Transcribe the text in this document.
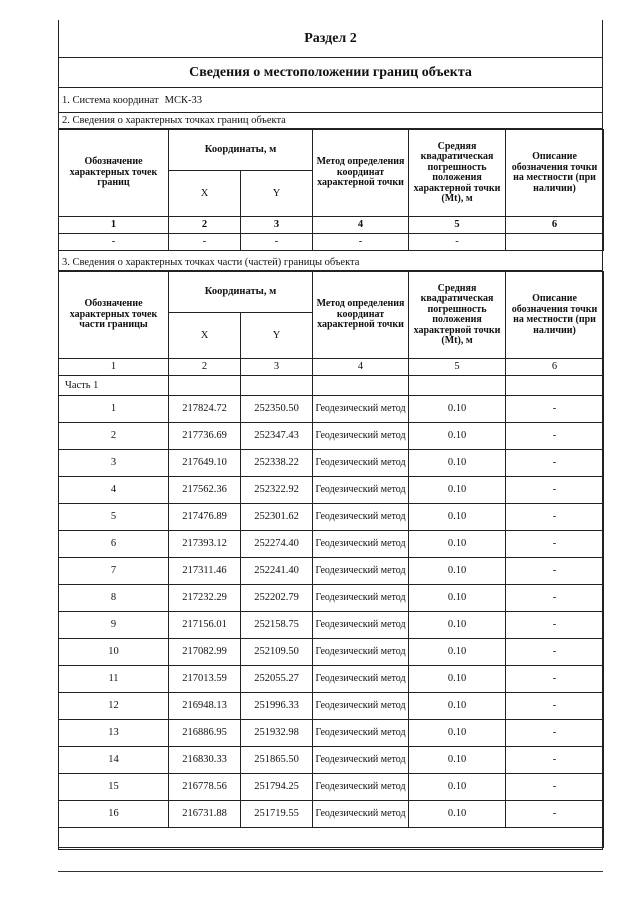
Раздел 2
Сведения о местоположении границ объекта
1. Система координат МСК-33
2. Сведения о характерных точках границ объекта
Обозначение характерных точек границ	Координаты, м		Метод определения координат характерной точки	Средняя квадратическая погрешность положения характерной точки (Mt), м	Описание обозначения точки на местности (при наличии)
	X	Y			
1	2	3	4	5	6
-	-	-	-	-	
3. Сведения о характерных точках части (частей) границы объекта
Обозначение характерных точек части границы	Координаты, м		Метод определения координат характерной точки	Средняя квадратическая погрешность положения характерной точки (Mt), м	Описание обозначения точки на местности (при наличии)
	X	Y			
1	2	3	4	5	6
Часть 1					
1	217824.72	252350.50	Геодезический метод	0.10	-
2	217736.69	252347.43	Геодезический метод	0.10	-
3	217649.10	252338.22	Геодезический метод	0.10	-
4	217562.36	252322.92	Геодезический метод	0.10	-
5	217476.89	252301.62	Геодезический метод	0.10	-
6	217393.12	252274.40	Геодезический метод	0.10	-
7	217311.46	252241.40	Геодезический метод	0.10	-
8	217232.29	252202.79	Геодезический метод	0.10	-
9	217156.01	252158.75	Геодезический метод	0.10	-
10	217082.99	252109.50	Геодезический метод	0.10	-
11	217013.59	252055.27	Геодезический метод	0.10	-
12	216948.13	251996.33	Геодезический метод	0.10	-
13	216886.95	251932.98	Геодезический метод	0.10	-
14	216830.33	251865.50	Геодезический метод	0.10	-
15	216778.56	251794.25	Геодезический метод	0.10	-
16	216731.88	251719.55	Геодезический метод	0.10	-
